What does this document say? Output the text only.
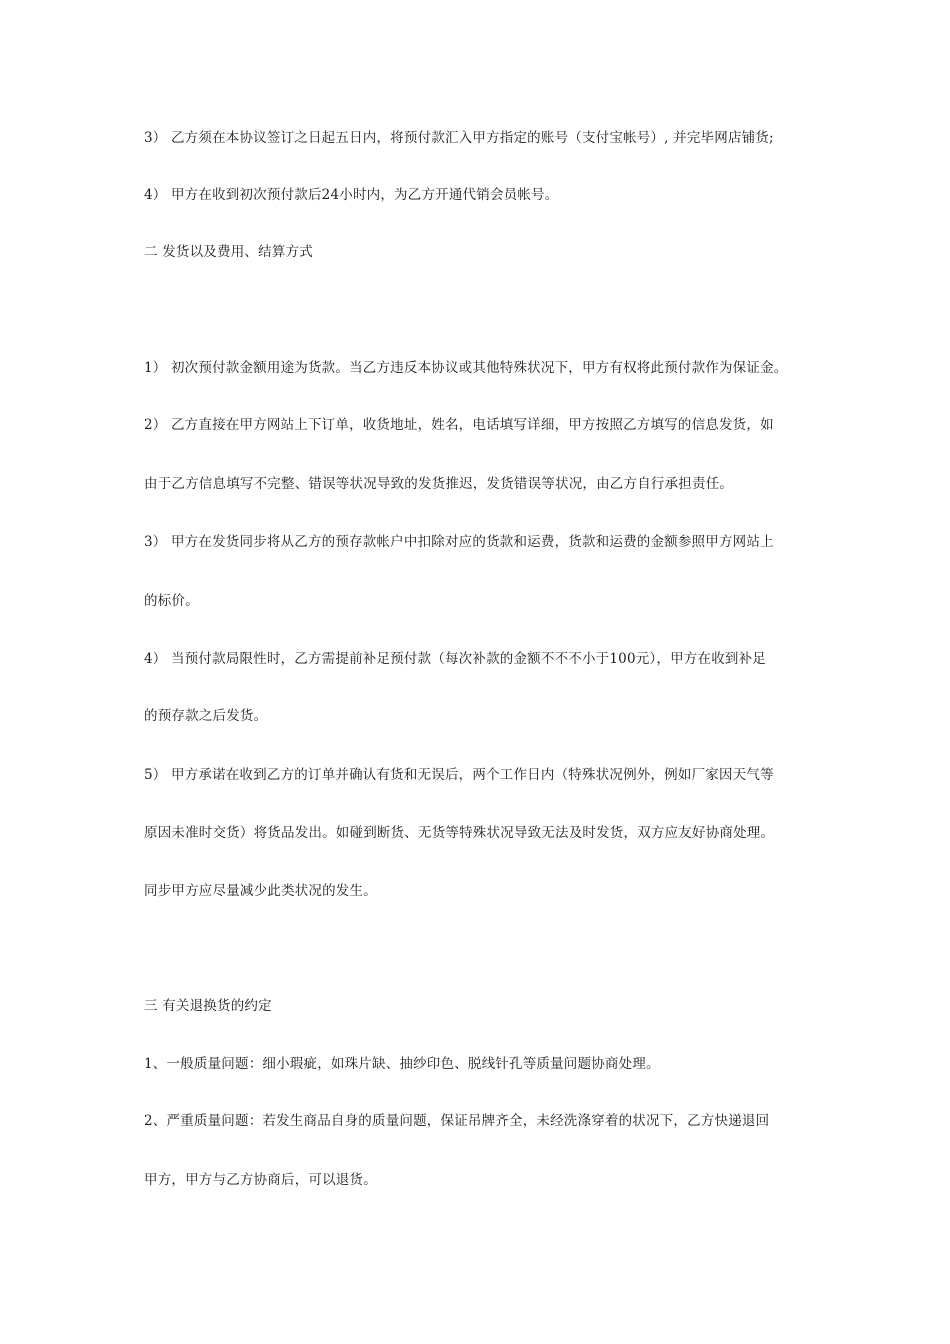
3） 乙方须在本协议签订之日起五日内，将预付款汇入甲方指定的账号（支付宝帐号）, 并完毕网店铺货;
4） 甲方在收到初次预付款后24小时内，为乙方开通代销会员帐号。
二 发货以及费用、结算方式
1） 初次预付款金额用途为货款。当乙方违反本协议或其他特殊状况下，甲方有权将此预付款作为保证金。
2） 乙方直接在甲方网站上下订单，收货地址，姓名，电话填写详细，甲方按照乙方填写的信息发货，如
由于乙方信息填写不完整、错误等状况导致的发货推迟，发货错误等状况，由乙方自行承担责任。
3） 甲方在发货同步将从乙方的预存款帐户中扣除对应的货款和运费，货款和运费的金额参照甲方网站上
的标价。
4） 当预付款局限性时，乙方需提前补足预付款（每次补款的金额不不不小于100元），甲方在收到补足
的预存款之后发货。
5） 甲方承诺在收到乙方的订单并确认有货和无误后，两个工作日内（特殊状况例外，例如厂家因天气等
原因未准时交货）将货品发出。如碰到断货、无货等特殊状况导致无法及时发货，双方应友好协商处理。
同步甲方应尽量减少此类状况的发生。
三 有关退换货的约定
1、一般质量问题：细小瑕疵，如珠片缺、抽纱印色、脱线针孔等质量问题协商处理。
2、严重质量问题：若发生商品自身的质量问题，保证吊牌齐全，未经洗涤穿着的状况下，乙方快递退回
甲方，甲方与乙方协商后，可以退货。
